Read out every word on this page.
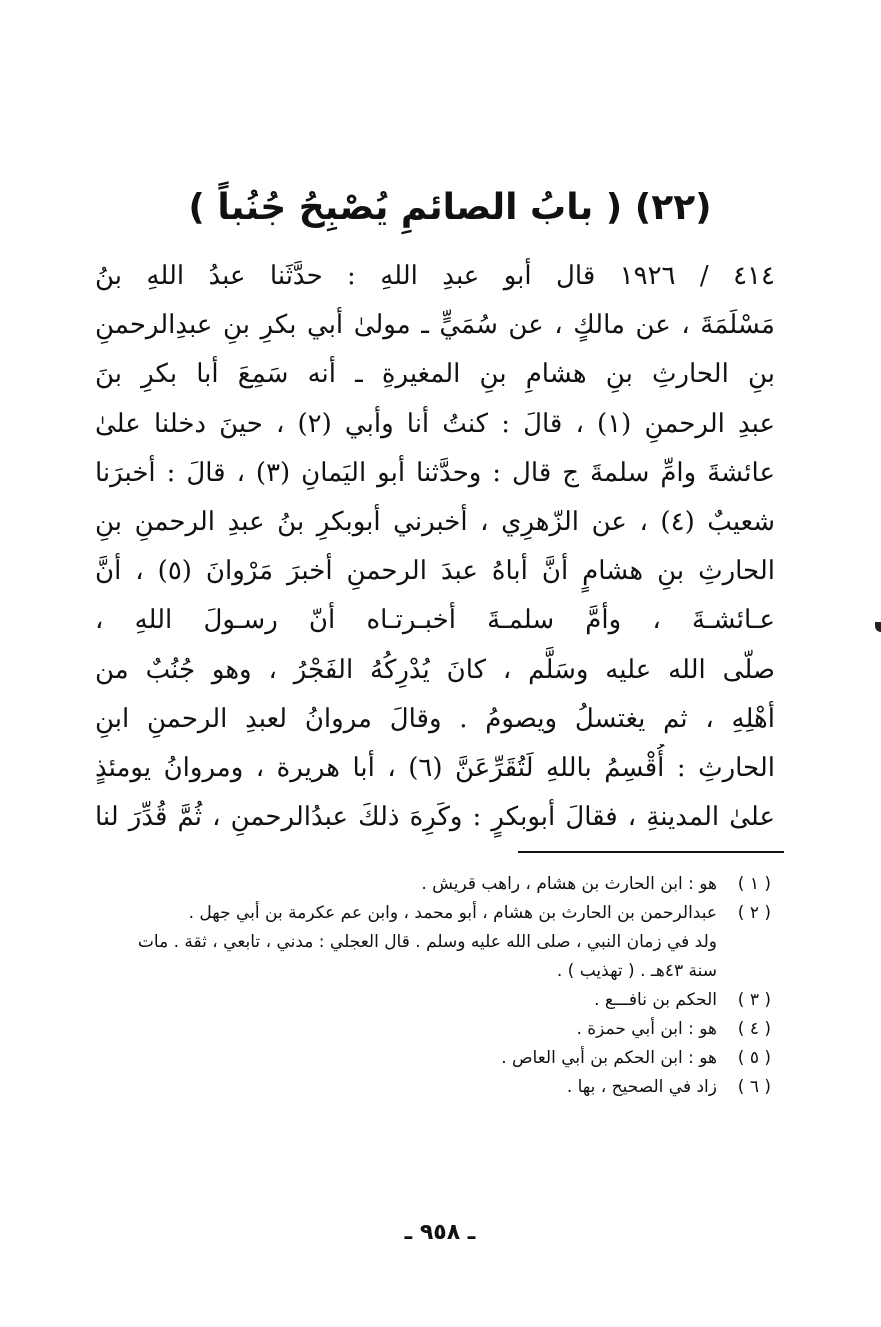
(٢٢) ( بابُ الصائمِ يُصْبِحُ جُنُباً )
٤١٤ / ١٩٢٦ قال أبو عبدِ اللهِ : حدَّثَنا عبدُ اللهِ بنُ
مَسْلَمَةَ ، عن مالكٍ ، عن سُمَيٍّ ـ مولىٰ أبي بكرِ بنِ عبدِالرحمنِ
بنِ الحارثِ بنِ هشامِ بنِ المغيرةِ ـ أنه سَمِعَ أبا بكرِ بنَ
عبدِ الرحمنِ (١) ، قالَ : كنتُ أنا وأبي (٢) ، حينَ دخلنا علىٰ
عائشةَ وامِّ سلمةَ ج قال : وحدَّثنا أبو اليَمانِ (٣) ، قالَ : أخبرَنا
شعيبٌ (٤) ، عن الزّهرِي ، أخبرني أبوبكرِ بنُ عبدِ الرحمنِ بنِ
الحارثِ بنِ هشامٍ أنَّ أباهُ عبدَ الرحمنِ أخبرَ مَرْوانَ (٥) ، أنَّ
عـائشـةَ ، وأمَّ سلمـةَ أخبـرتـاه أنّ رسـولَ اللهِ ،
صلّى الله عليه وسَلَّم ، كانَ يُدْرِكُهُ الفَجْرُ ، وهو جُنُبٌ من
أهْلِهِ ، ثم يغتسلُ ويصومُ . وقالَ مروانُ لعبدِ الرحمنِ ابنِ
الحارثِ : أُقْسِمُ باللهِ لَتُقَرِّعَنَّ (٦) ، أبا هريرة ، ومروانُ يومئذٍ
علىٰ المدينةِ ، فقالَ أبوبكرٍ : وكَرِهَ ذلكَ عبدُالرحمنِ ، ثُمَّ قُدِّرَ لنا
( ١ )
هو : ابن الحارث بن هشام ، راهب قريش .
( ٢ )
عبدالرحمن بن الحارث بن هشام ، أبو محمد ، وابن عم عكرمة بن أبي جهل .
ولد في زمان النبي ، صلى الله عليه وسلم . قال العجلي : مدني ، تابعي ، ثقة . مات
سنة ٤٣هـ . ( تهذيب ) .
( ٣ )
الحكم بن نافـــع .
( ٤ )
هو : ابن أبي حمزة .
( ٥ )
هو : ابن الحكم بن أبي العاص .
( ٦ )
زاد في الصحيح ، بها .
ـ ٩٥٨ ـ
